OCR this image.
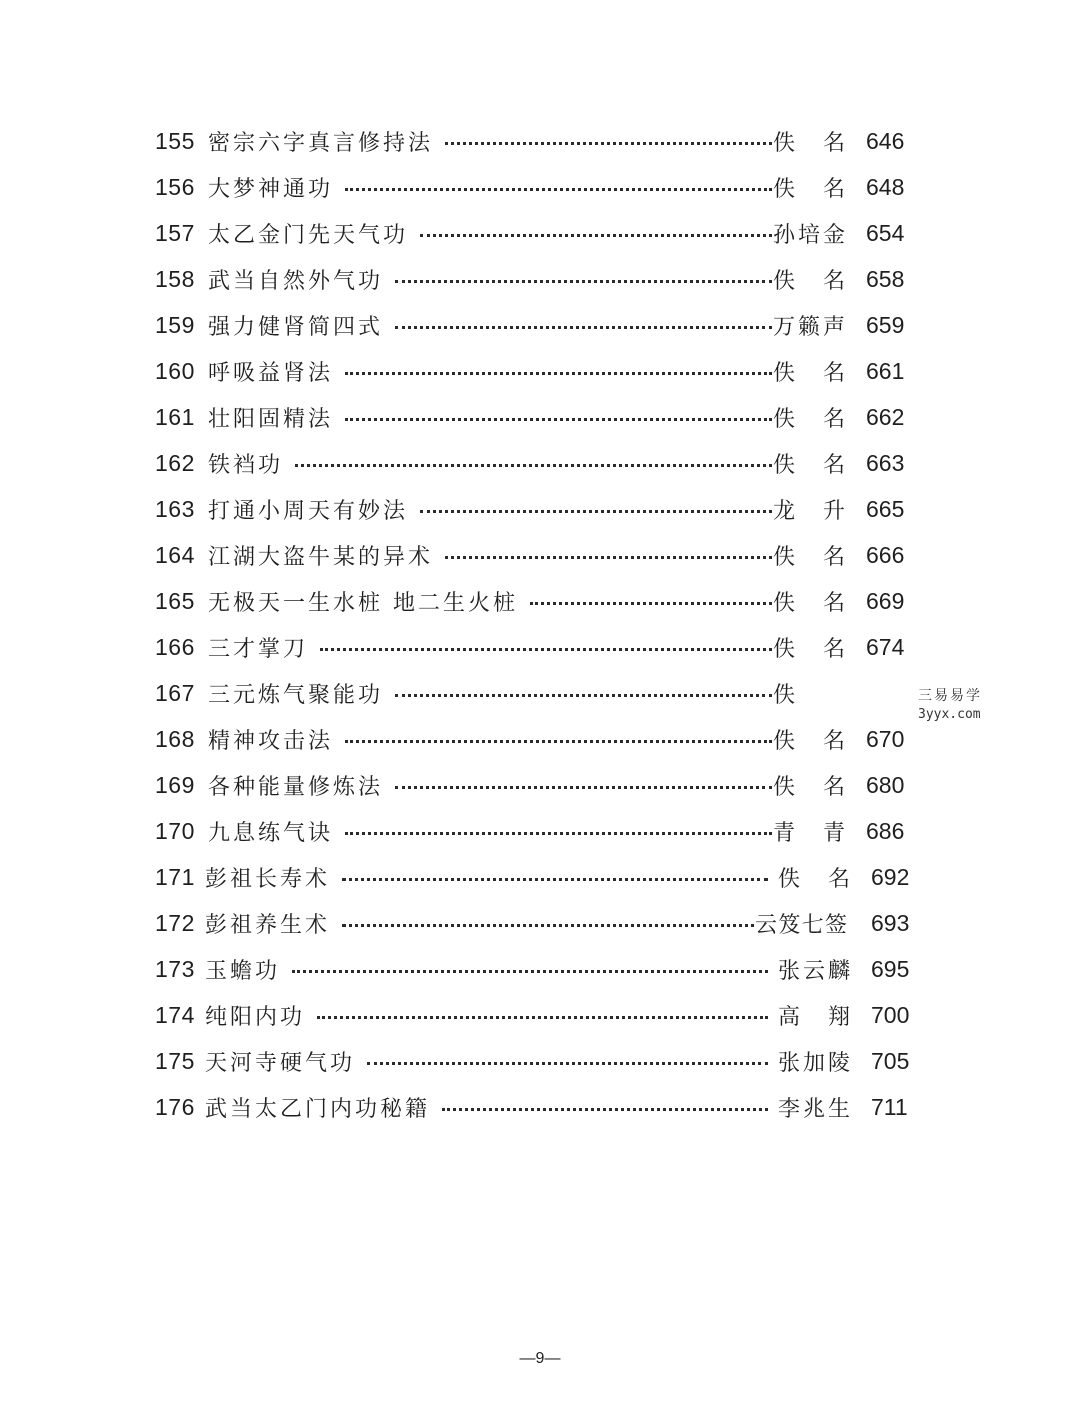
155 密宗六字真言修持法	佚 名 646
156 大梦神通功	佚 名 648
157 太乙金门先天气功	孙培金 654
158 武当自然外气功	佚 名 658
159 强力健肾简四式	万籁声 659
160 呼吸益肾法	佚 名 661
161 壮阳固精法	佚 名 662
162 铁裆功	佚 名 663
163 打通小周天有妙法	龙 升 665
164 江湖大盗牛某的异术	佚 名 666
165 无极天一生水桩 地二生火桩	佚 名 669
166 三才掌刀	佚 名 674
167 三元炼气聚能功	佚
168 精神攻击法	佚 名 670
169 各种能量修炼法	佚 名 680
170 九息练气诀	青 青 686
171 彭祖长寿术	佚 名 692
172 彭祖养生术	云笈七签 693
173 玉蟾功	张云麟 695
174 纯阳内功	高 翔 700
175 天河寺硬气功	张加陵 705
176 武当太乙门内功秘籍	李兆生 711
三易易学
3yyx.com
—9—
